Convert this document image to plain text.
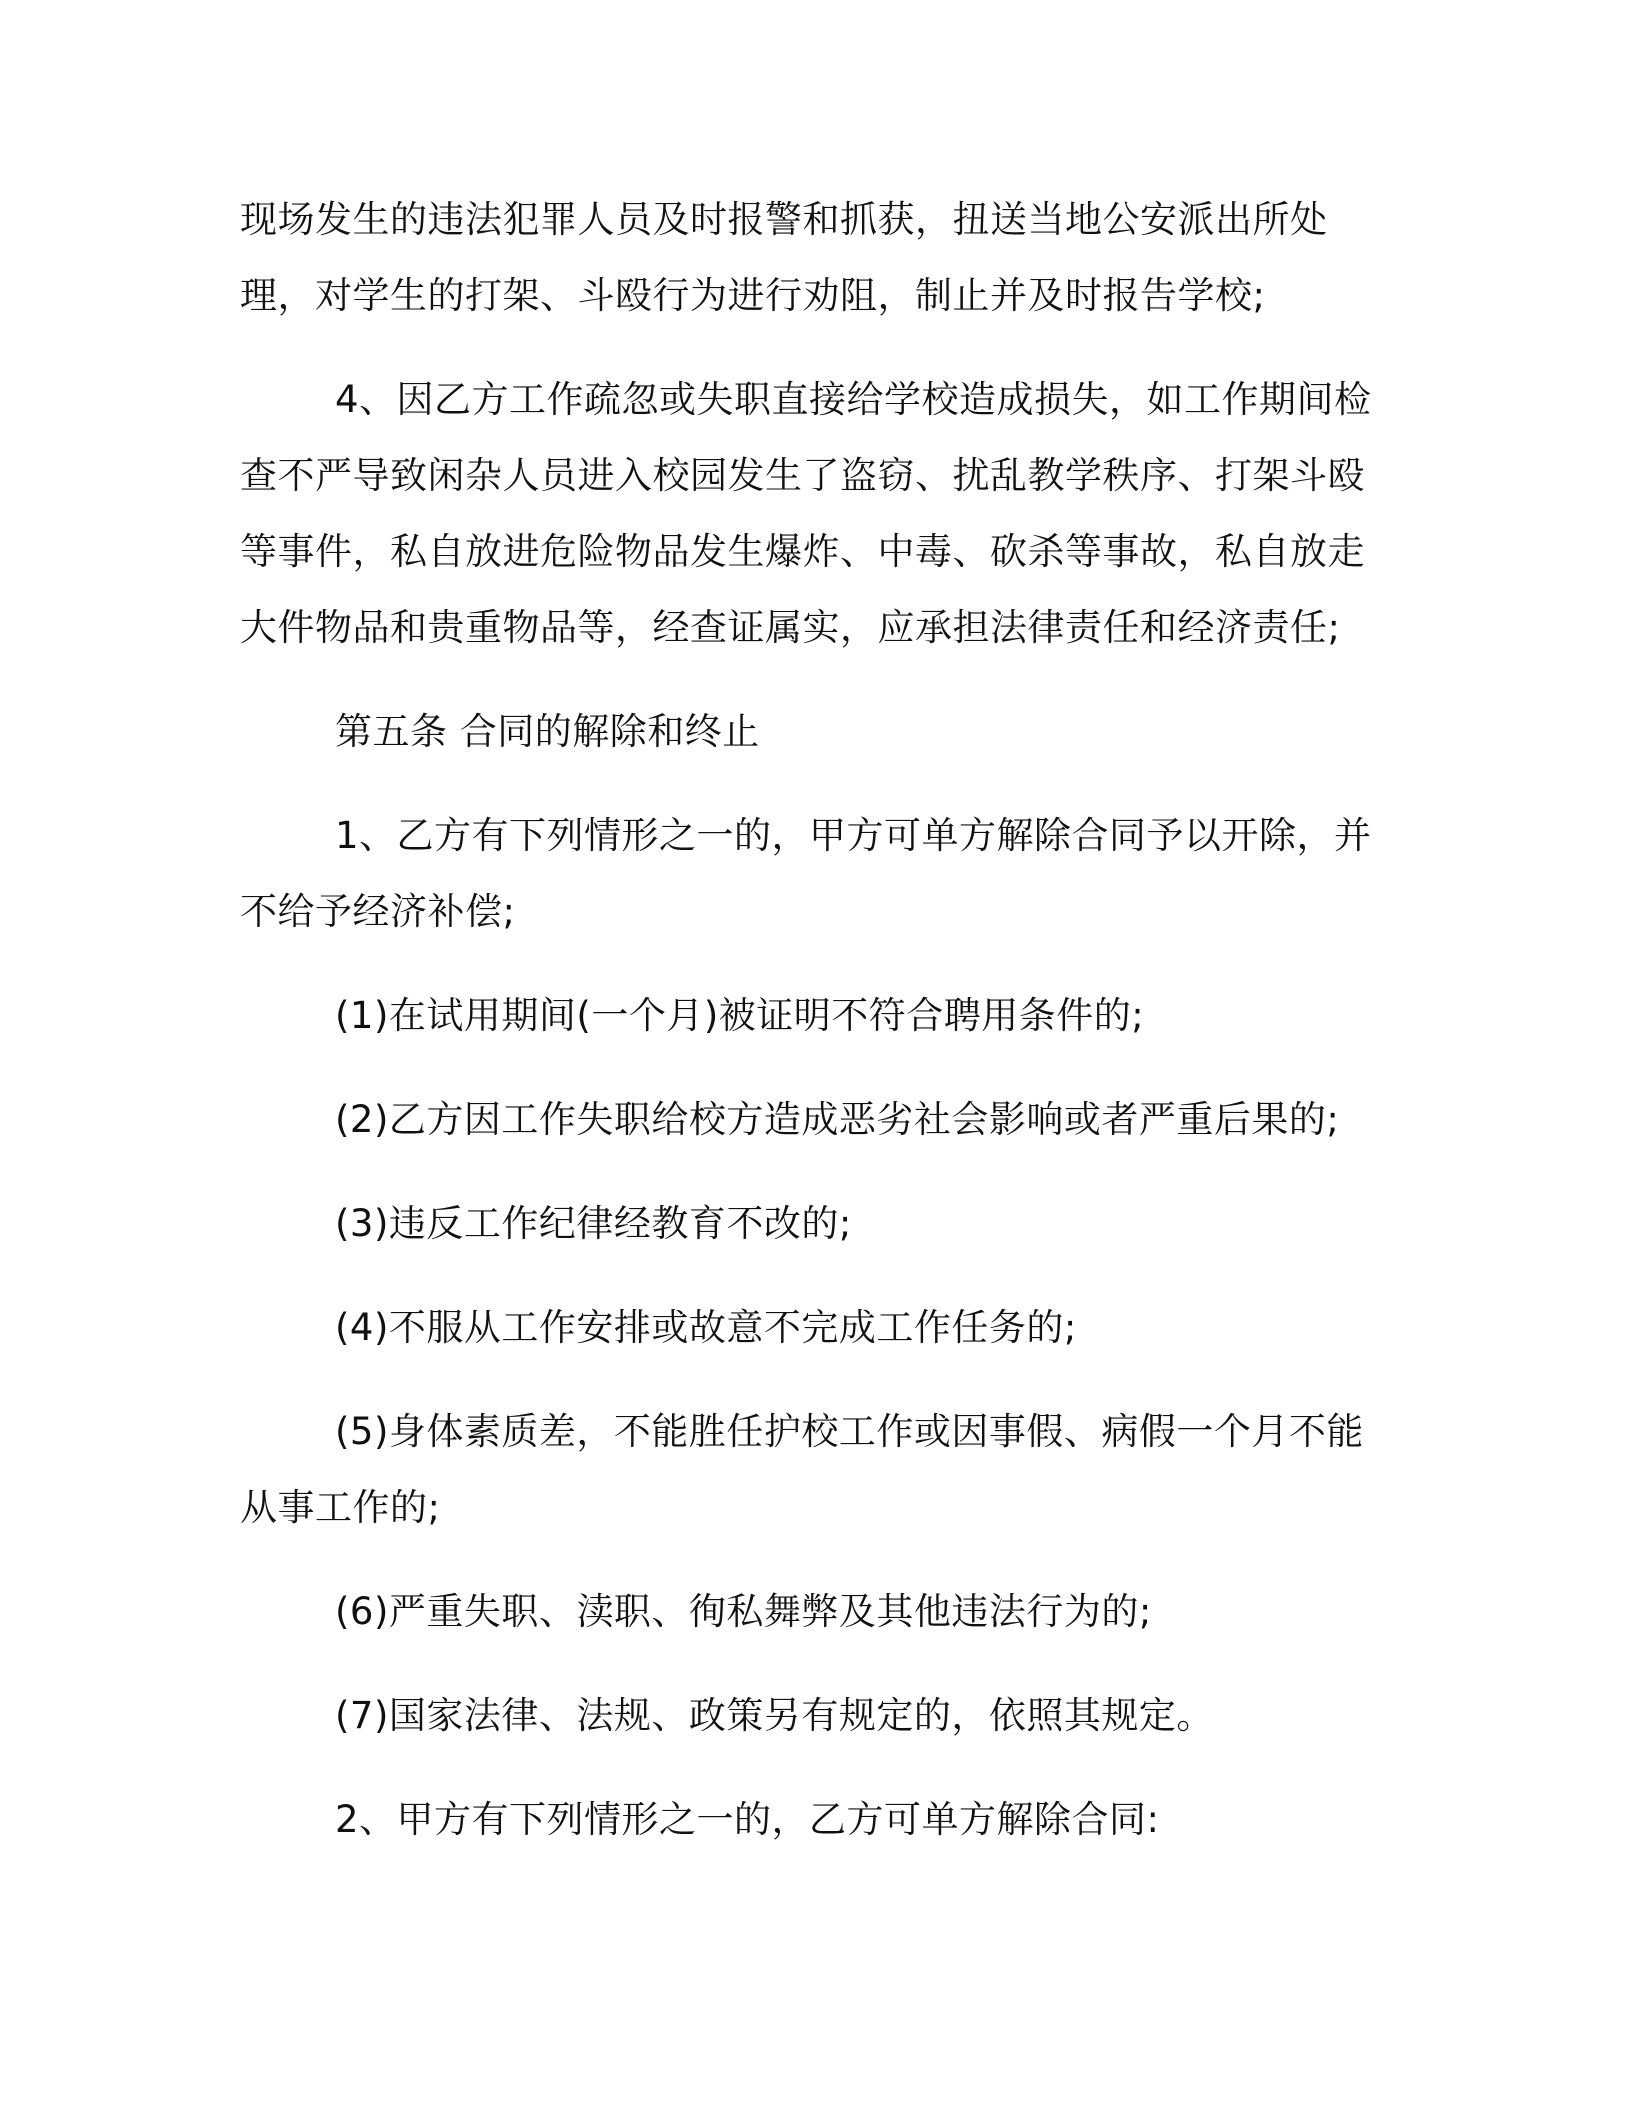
现场发生的违法犯罪人员及时报警和抓获，扭送当地公安派出所处理，对学生的打架、斗殴行为进行劝阻，制止并及时报告学校;

4、因乙方工作疏忽或失职直接给学校造成损失，如工作期间检查不严导致闲杂人员进入校园发生了盗窃、扰乱教学秩序、打架斗殴等事件，私自放进危险物品发生爆炸、中毒、砍杀等事故，私自放走大件物品和贵重物品等，经查证属实，应承担法律责任和经济责任;

第五条 合同的解除和终止

1、乙方有下列情形之一的，甲方可单方解除合同予以开除，并不给予经济补偿;

(1)在试用期间(一个月)被证明不符合聘用条件的;

(2)乙方因工作失职给校方造成恶劣社会影响或者严重后果的;

(3)违反工作纪律经教育不改的;

(4)不服从工作安排或故意不完成工作任务的;

(5)身体素质差，不能胜任护校工作或因事假、病假一个月不能从事工作的;

(6)严重失职、渎职、徇私舞弊及其他违法行为的;

(7)国家法律、法规、政策另有规定的，依照其规定。

2、甲方有下列情形之一的，乙方可单方解除合同:
